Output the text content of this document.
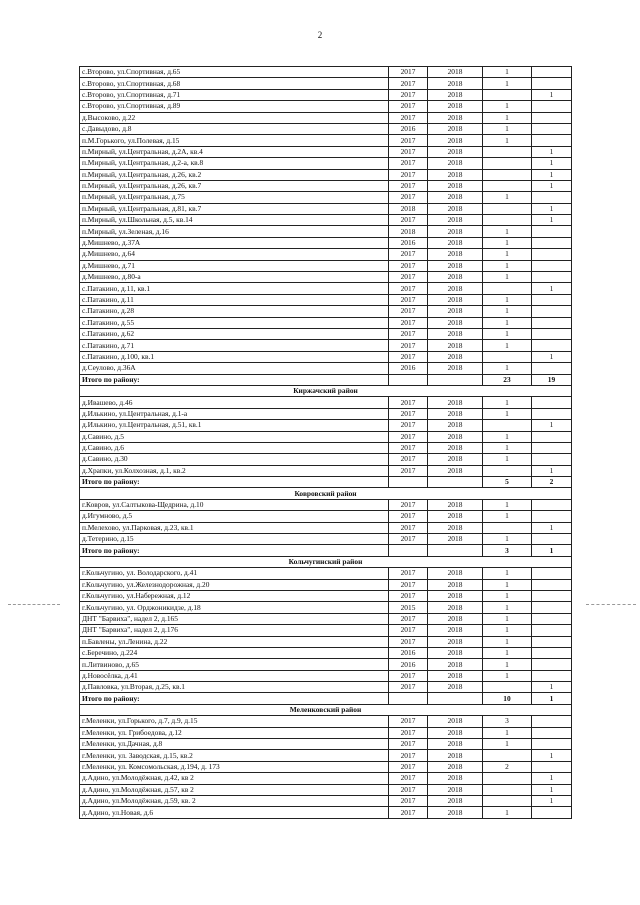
2
с.Второво, ул.Спортивная, д.65	2017	2018	1	
с.Второво, ул.Спортивная, д.68	2017	2018	1	
с.Второво, ул.Спортивная, д.71	2017	2018		1
с.Второво, ул.Спортивная, д.89	2017	2018	1	
д.Высоково, д.22	2017	2018	1	
с.Давыдово, д.8	2016	2018	1	
п.М.Горького, ул.Полевая, д.15	2017	2018	1	
п.Мирный, ул.Центральная, д.2А, кв.4	2017	2018		1
п.Мирный, ул.Центральная, д.2-а, кв.8	2017	2018		1
п.Мирный, ул.Центральная, д.26, кв.2	2017	2018		1
п.Мирный, ул.Центральная, д.26, кв.7	2017	2018		1
п.Мирный, ул.Центральная, д.75	2017	2018	1	
п.Мирный, ул.Центральная, д.81, кв.7	2018	2018		1
п.Мирный, ул.Школьная, д.5, кв.14	2017	2018		1
п.Мирный, ул.Зеленая, д.16	2018	2018	1	
д.Мишнево, д.37А	2016	2018	1	
д.Мишнево, д.64	2017	2018	1	
д.Мишнево, д.71	2017	2018	1	
д.Мишнево, д.80-а	2017	2018	1	
с.Патакино, д.11, кв.1	2017	2018		1
с.Патакино, д.11	2017	2018	1	
с.Патакино, д.28	2017	2018	1	
с.Патакино, д.55	2017	2018	1	
с.Патакино, д.62	2017	2018	1	
с.Патакино, д.71	2017	2018	1	
с.Патакино, д.100, кв.1	2017	2018		1
д.Сеулово, д.36А	2016	2018	1	
Итого по району:			23	19
Киржачский район				
д.Ивашево, д.46	2017	2018	1	
д.Илькино, ул.Центральная, д.1-а	2017	2018	1	
д.Илькино, ул.Центральная, д.51, кв.1	2017	2018		1
д.Савино, д.5	2017	2018	1	
д.Савино, д.6	2017	2018	1	
д.Савино, д.30	2017	2018	1	
д.Храпки, ул.Колхозная, д.1, кв.2	2017	2018		1
Итого по району:			5	2
Ковровский район				
г.Ковров, ул.Салтыкова-Щедрина, д.10	2017	2018	1	
д.Игумново, д.5	2017	2018	1	
п.Мелехово, ул.Парковая, д.23, кв.1	2017	2018		1
д.Тетерино, д.15	2017	2018	1	
Итого по району:			3	1
Кольчугинский район				
г.Кольчугино, ул. Володарского, д.41	2017	2018	1	
г.Кольчугино, ул.Железнодорожная, д.20	2017	2018	1	
г.Кольчугино, ул.Набережная, д.12	2017	2018	1	
г.Кольчугино, ул. Орджоникидзе, д.18	2015	2018	1	
ДНТ "Барвиха", надел 2, д.165	2017	2018	1	
ДНТ "Барвиха", надел 2, д.176	2017	2018	1	
п.Бавлены, ул.Ленина, д.22	2017	2018	1	
с.Беречино, д.224	2016	2018	1	
п.Литвиново, д.65	2016	2018	1	
д.Новосёлка, д.41	2017	2018	1	
д.Павловка, ул.Вторая, д.25, кв.1	2017	2018		1
Итого по району:			10	1
Меленковский район				
г.Меленки, ул.Горького, д.7, д.9, д.15	2017	2018	3	
г.Меленки, ул. Грибоедова, д.12	2017	2018	1	
г.Меленки, ул.Дачная, д.8	2017	2018	1	
г.Меленки, ул. Заводская, д.15, кв.2	2017	2018		1
г.Меленки, ул. Комсомольская, д.194, д. 173	2017	2018	2	
д.Адино, ул.Молодёжная, д.42, кв 2	2017	2018		1
д.Адино, ул.Молодёжная, д.57, кв 2	2017	2018		1
д.Адино, ул.Молодёжная, д.59, кв. 2	2017	2018		1
д.Адино, ул.Новая, д.6	2017	2018	1	
